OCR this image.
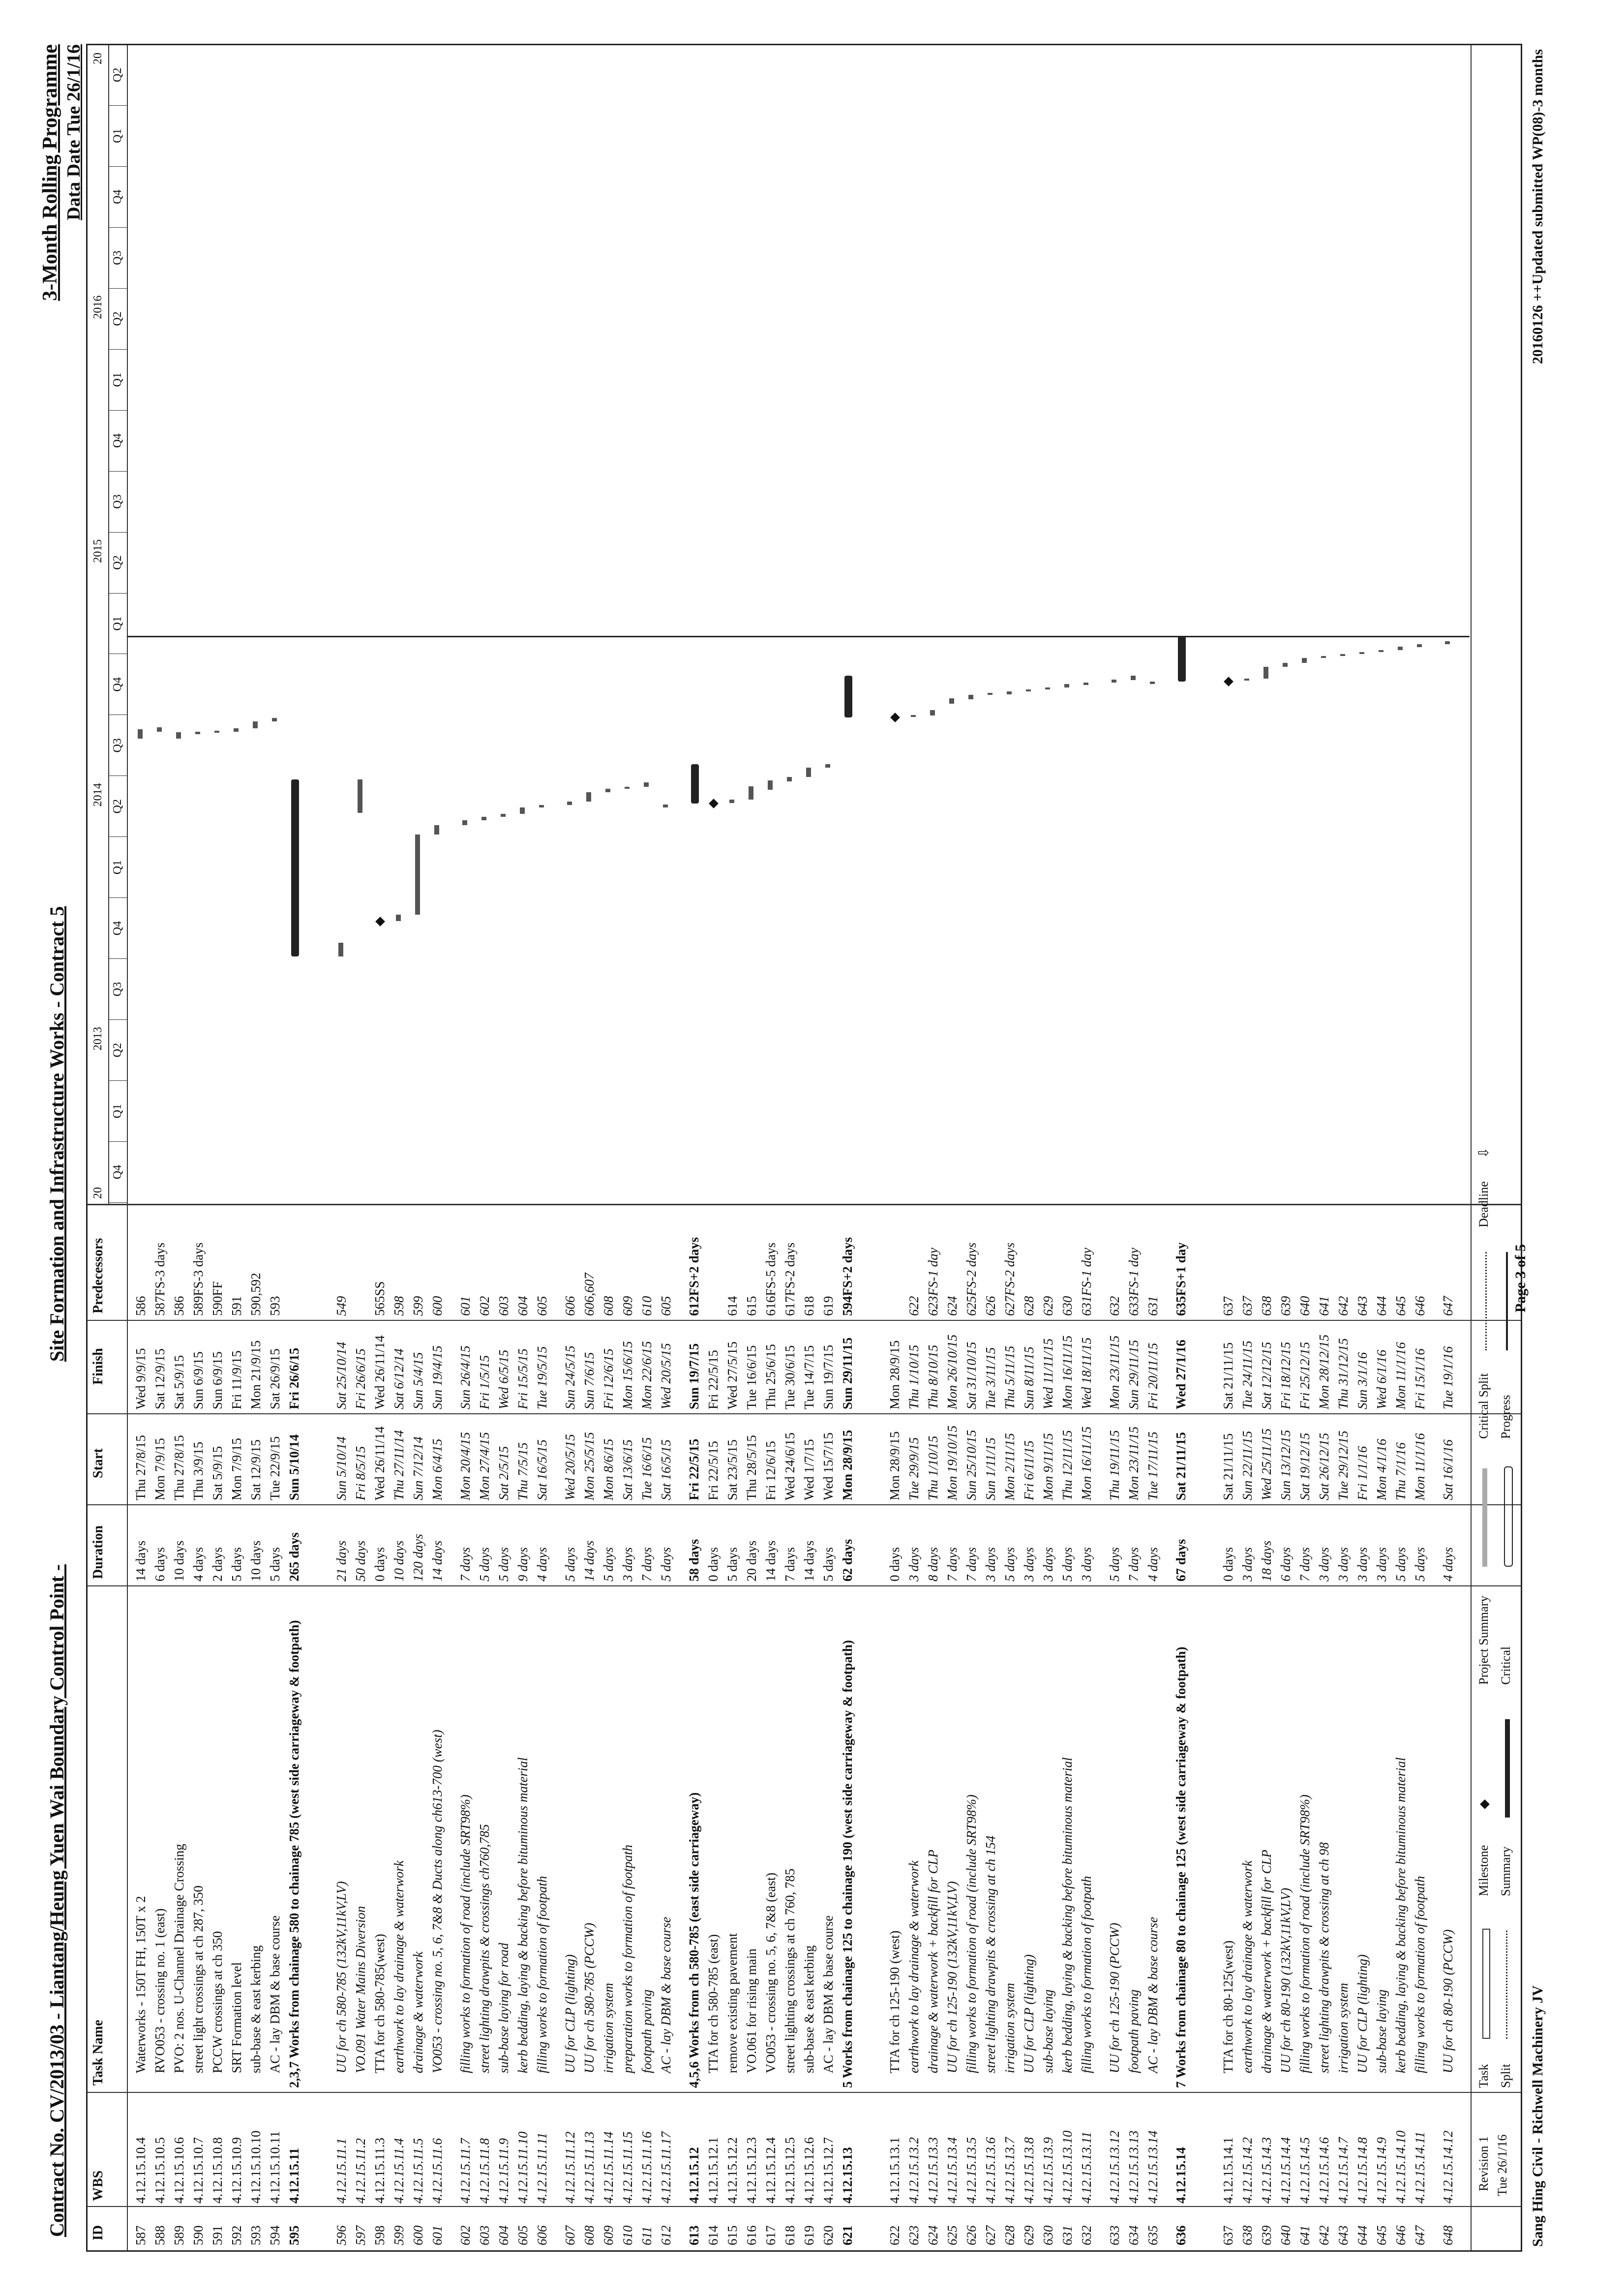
Contract No. CV/2013/03 - Liantang/Heung Yuen Wai Boundary Control Point -
Site Formation and Infrastructure Works - Contract 5
3-Month Rolling Programme Data Date Tue 26/1/16
ID
WBS
Task Name
Duration
Start
Finish
Predecessors
Q4
Q1
Q2
Q3
Q4
Q1
Q2
Q3
Q4
Q1
Q2
Q3
Q4
Q1
Q2
Q3
Q4
Q1
Q2
2013
2014
2015
2016
20
20
587
4.12.15.10.4
Waterworks - 150T FH, 150T x 2
14 days
Thu 27/8/15
Wed 9/9/15
586
588
4.12.15.10.5
RVO053 - crossing no. 1 (east)
6 days
Mon 7/9/15
Sat 12/9/15
587FS-3 days
589
4.12.15.10.6
PVO: 2 nos. U-Channel Drainage Crossing
10 days
Thu 27/8/15
Sat 5/9/15
586
590
4.12.15.10.7
street light crossings at ch 287, 350
4 days
Thu 3/9/15
Sun 6/9/15
589FS-3 days
591
4.12.15.10.8
PCCW crossings at ch 350
2 days
Sat 5/9/15
Sun 6/9/15
590FF
592
4.12.15.10.9
SRT Formation level
5 days
Mon 7/9/15
Fri 11/9/15
591
593
4.12.15.10.10
sub-base & east kerbing
10 days
Sat 12/9/15
Mon 21/9/15
590,592
594
4.12.15.10.11
AC - lay DBM & base course
5 days
Tue 22/9/15
Sat 26/9/15
593
595
4.12.15.11
2,3,7 Works from chainage 580 to chainage 785 (west side carriageway & footpath)
265 days
Sun 5/10/14
Fri 26/6/15
596
4.12.15.11.1
UU for ch 580-785 (132kV,11kV,LV)
21 days
Sun 5/10/14
Sat 25/10/14
549
597
4.12.15.11.2
VO.091 Water Mains Diversion
50 days
Fri 8/5/15
Fri 26/6/15
598
4.12.15.11.3
TTA for ch 580-785(west)
0 days
Wed 26/11/14
Wed 26/11/14
565SS
599
4.12.15.11.4
earthwork to lay drainage & waterwork
10 days
Thu 27/11/14
Sat 6/12/14
598
600
4.12.15.11.5
drainage & waterwork
120 days
Sun 7/12/14
Sun 5/4/15
599
601
4.12.15.11.6
VO053 - crossing no. 5, 6, 7&8 & Ducts along ch613-700 (west)
14 days
Mon 6/4/15
Sun 19/4/15
600
602
4.12.15.11.7
filling works to formation of road (include SRT98%)
7 days
Mon 20/4/15
Sun 26/4/15
601
603
4.12.15.11.8
street lighting drawpits & crossings ch760,785
5 days
Mon 27/4/15
Fri 1/5/15
602
604
4.12.15.11.9
sub-base laying for road
5 days
Sat 2/5/15
Wed 6/5/15
603
605
4.12.15.11.10
kerb bedding, laying & backing before bituminous material
9 days
Thu 7/5/15
Fri 15/5/15
604
606
4.12.15.11.11
filling works to formation of footpath
4 days
Sat 16/5/15
Tue 19/5/15
605
607
4.12.15.11.12
UU for CLP (lighting)
5 days
Wed 20/5/15
Sun 24/5/15
606
608
4.12.15.11.13
UU for ch 580-785 (PCCW)
14 days
Mon 25/5/15
Sun 7/6/15
606,607
609
4.12.15.11.14
irrigation system
5 days
Mon 8/6/15
Fri 12/6/15
608
610
4.12.15.11.15
preparation works to formation of footpath
3 days
Sat 13/6/15
Mon 15/6/15
609
611
4.12.15.11.16
footpath paving
7 days
Tue 16/6/15
Mon 22/6/15
610
612
4.12.15.11.17
AC - lay DBM & base course
5 days
Sat 16/5/15
Wed 20/5/15
605
613
4.12.15.12
4,5,6 Works from ch 580-785 (east side carriageway)
58 days
Fri 22/5/15
Sun 19/7/15
612FS+2 days
614
4.12.15.12.1
TTA for ch 580-785 (east)
0 days
Fri 22/5/15
Fri 22/5/15
615
4.12.15.12.2
remove existing pavement
5 days
Sat 23/5/15
Wed 27/5/15
614
616
4.12.15.12.3
VO.061 for rising main
20 days
Thu 28/5/15
Tue 16/6/15
615
617
4.12.15.12.4
VO053 - crossing no. 5, 6, 7&8 (east)
14 days
Fri 12/6/15
Thu 25/6/15
616FS-5 days
618
4.12.15.12.5
street lighting crossings at ch 760, 785
7 days
Wed 24/6/15
Tue 30/6/15
617FS-2 days
619
4.12.15.12.6
sub-base & east kerbing
14 days
Wed 1/7/15
Tue 14/7/15
618
620
4.12.15.12.7
AC - lay DBM & base course
5 days
Wed 15/7/15
Sun 19/7/15
619
621
4.12.15.13
5 Works from chainage 125 to chainage 190 (west side carriageway & footpath)
62 days
Mon 28/9/15
Sun 29/11/15
594FS+2 days
622
4.12.15.13.1
TTA for ch 125-190 (west)
0 days
Mon 28/9/15
Mon 28/9/15
623
4.12.15.13.2
earthwork to lay drainage & waterwork
3 days
Tue 29/9/15
Thu 1/10/15
622
624
4.12.15.13.3
drainage & waterwork + backfill for CLP
8 days
Thu 1/10/15
Thu 8/10/15
623FS-1 day
625
4.12.15.13.4
UU for ch 125-190 (132kV,11kV,LV)
7 days
Mon 19/10/15
Mon 26/10/15
624
626
4.12.15.13.5
filling works to formation of road (include SRT98%)
7 days
Sun 25/10/15
Sat 31/10/15
625FS-2 days
627
4.12.15.13.6
street lighting drawpits & crossing at ch 154
3 days
Sun 1/11/15
Tue 3/11/15
626
628
4.12.15.13.7
irrigation system
5 days
Mon 2/11/15
Thu 5/11/15
627FS-2 days
629
4.12.15.13.8
UU for CLP (lighting)
3 days
Fri 6/11/15
Sun 8/11/15
628
630
4.12.15.13.9
sub-base laying
3 days
Mon 9/11/15
Wed 11/11/15
629
631
4.12.15.13.10
kerb bedding, laying & backing before bituminous material
5 days
Thu 12/11/15
Mon 16/11/15
630
632
4.12.15.13.11
filling works to formation of footpath
3 days
Mon 16/11/15
Wed 18/11/15
631FS-1 day
633
4.12.15.13.12
UU for ch 125-190 (PCCW)
5 days
Thu 19/11/15
Mon 23/11/15
632
634
4.12.15.13.13
footpath paving
7 days
Mon 23/11/15
Sun 29/11/15
633FS-1 day
635
4.12.15.13.14
AC - lay DBM & base course
4 days
Tue 17/11/15
Fri 20/11/15
631
636
4.12.15.14
7 Works from chainage 80 to chainage 125 (west side carriageway & footpath)
67 days
Sat 21/11/15
Wed 27/1/16
635FS+1 day
637
4.12.15.14.1
TTA for ch 80-125(west)
0 days
Sat 21/11/15
Sat 21/11/15
637
638
4.12.15.14.2
earthwork to lay drainage & waterwork
3 days
Sun 22/11/15
Tue 24/11/15
637
639
4.12.15.14.3
drainage & waterwork + backfill for CLP
18 days
Wed 25/11/15
Sat 12/12/15
638
640
4.12.15.14.4
UU for ch 80-190 (132kV,11kV,LV)
6 days
Sun 13/12/15
Fri 18/12/15
639
641
4.12.15.14.5
filling works to formation of road (include SRT98%)
7 days
Sat 19/12/15
Fri 25/12/15
640
642
4.12.15.14.6
street lighting drawpits & crossing at ch 98
3 days
Sat 26/12/15
Mon 28/12/15
641
643
4.12.15.14.7
irrigation system
3 days
Tue 29/12/15
Thu 31/12/15
642
644
4.12.15.14.8
UU for CLP (lighting)
3 days
Fri 1/1/16
Sun 3/1/16
643
645
4.12.15.14.9
sub-base laying
3 days
Mon 4/1/16
Wed 6/1/16
644
646
4.12.15.14.10
kerb bedding, laying & backing before bituminous material
5 days
Thu 7/1/16
Mon 11/1/16
645
647
4.12.15.14.11
filling works to formation of footpath
5 days
Mon 11/1/16
Fri 15/1/16
646
648
4.12.15.14.12
UU for ch 80-190 (PCCW)
4 days
Sat 16/1/16
Tue 19/1/16
647
Revision 1 Tue 26/1/16
Task Split
Milestone Summary
Project Summary Critical
Critical Split Progress
Deadline
⇩
Sang Hing Civil - Richwell Machinery JV
Page 3 of 5
20160126 ++Updated submitted WP(08)-3 months
